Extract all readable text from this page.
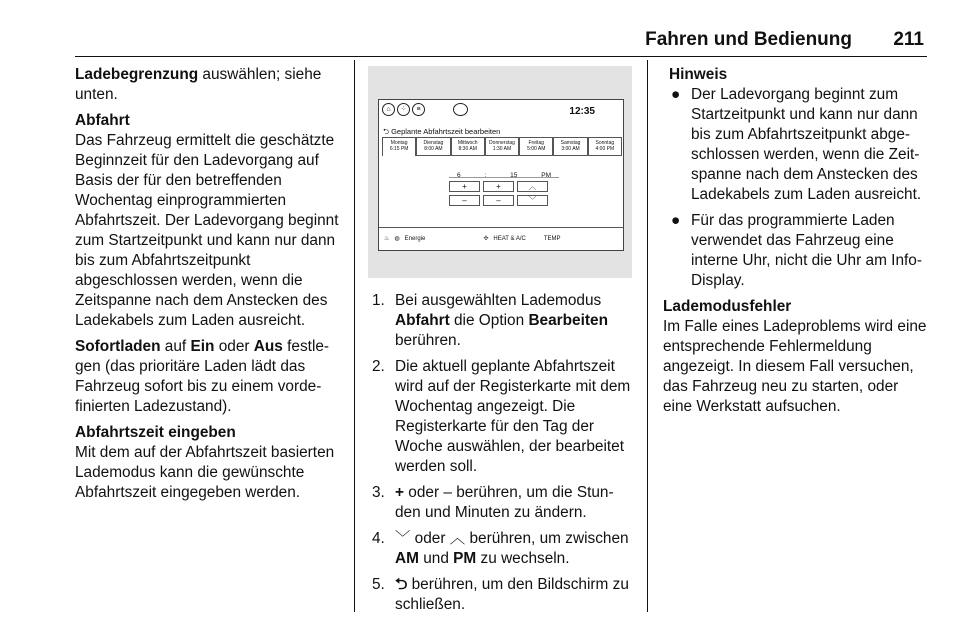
Fahren und Bedienung 211

Ladebegrenzung auswählen; siehe unten.

Abfahrt
Das Fahrzeug ermittelt die geschätzte Beginnzeit für den Ladevorgang auf Basis der für den betreffenden Wochentag einprogrammierten Abfahrtszeit. Der Ladevorgang beginnt zum Startzeitpunkt und kann nur dann bis zum Abfahrtszeitpunkt abgeschlossen werden, wenn die Zeitspanne nach dem Anstecken des Ladekabels zum Laden ausreicht.

Sofortladen auf Ein oder Aus festlegen (das prioritäre Laden lädt das Fahrzeug sofort bis zu einem vordefinierten Ladezustand).

Abfahrtszeit eingeben
Mit dem auf der Abfahrtszeit basierten Lademodus kann die gewünschte Abfahrtszeit eingegeben werden.

⌂	⁘	≡	12:35
⮌ Geplante Abfahrtszeit bearbeiten
Montag
6:15 PM
Dienstag
8:00 AM
Mittwoch
8:30 AM
Donnerstag
1:30 AM
Freitag
5:00 AM
Samstag
3:00 AM
Sonntag
4:00 PM
6	:	15	PM
+	+	︿
–	–	﹀
♨ ◍ Energie	✣ HEAT & A/C	TEMP
1. Bei ausgewählten Lademodus Abfahrt die Option Bearbeiten berühren.
2. Die aktuell geplante Abfahrtszeit wird auf der Registerkarte mit dem Wochentag angezeigt. Die Registerkarte für den Tag der Woche auswählen, der bearbeitet werden soll.
3. + oder – berühren, um die Stunden und Minuten zu ändern.
4. ﹀ oder ︿ berühren, um zwischen AM und PM zu wechseln.
5. ⮌ berühren, um den Bildschirm zu schließen.
Hinweis
● Der Ladevorgang beginnt zum Startzeitpunkt und kann nur dann bis zum Abfahrtszeitpunkt abgeschlossen werden, wenn die Zeitspanne nach dem Anstecken des Ladekabels zum Laden ausreicht.
● Für das programmierte Laden verwendet das Fahrzeug eine interne Uhr, nicht die Uhr am Info-Display.

Lademodusfehler
Im Falle eines Ladeproblems wird eine entsprechende Fehlermeldung angezeigt. In diesem Fall versuchen, das Fahrzeug neu zu starten, oder eine Werkstatt aufsuchen.
